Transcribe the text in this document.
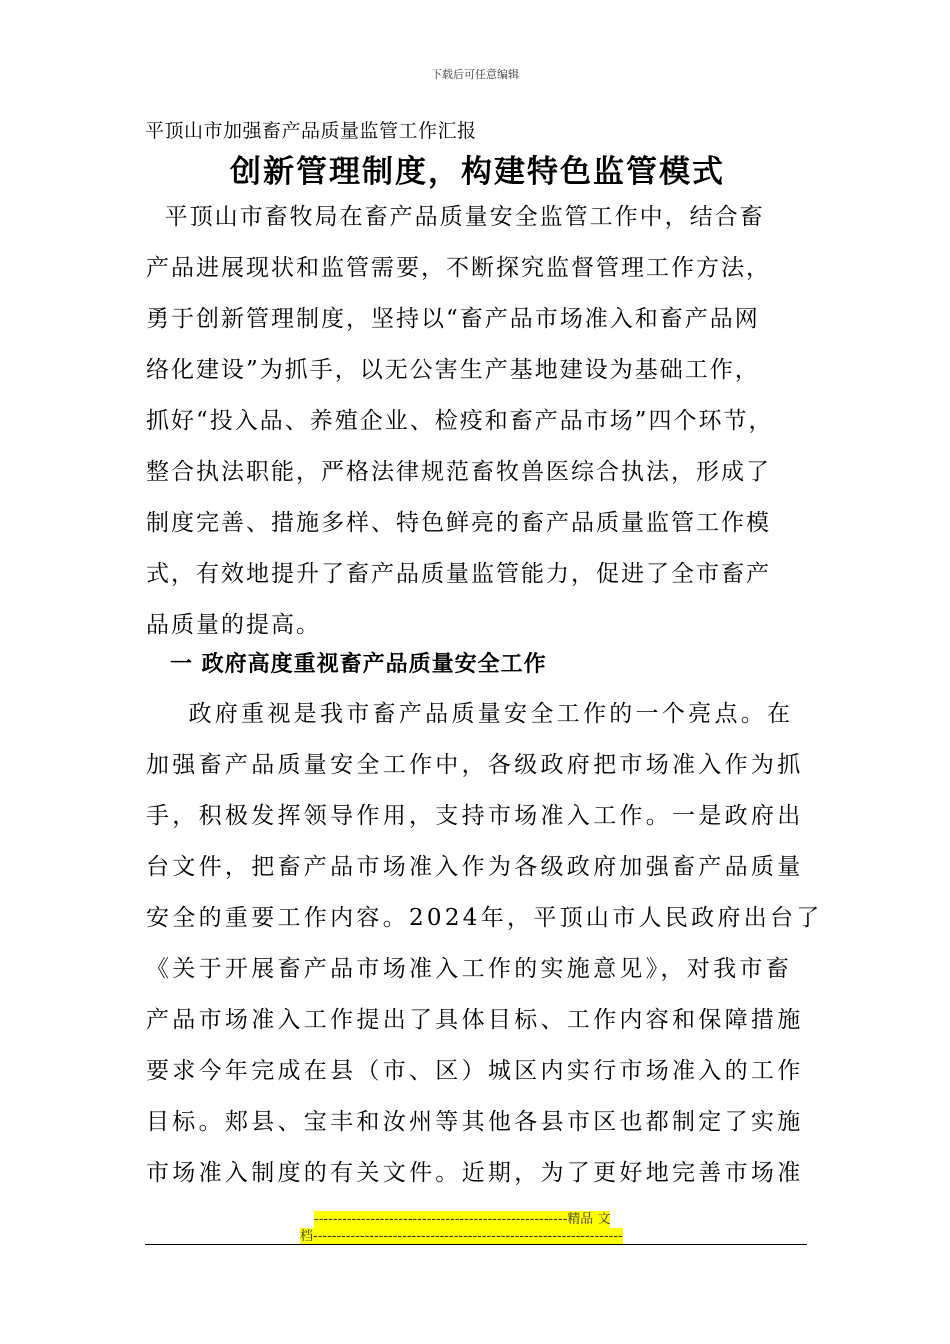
下载后可任意编辑
平顶山市加强畜产品质量监管工作汇报
创新管理制度，构建特色监管模式
平顶山市畜牧局在畜产品质量安全监管工作中，结合畜
产品进展现状和监管需要，不断探究监督管理工作方法，
勇于创新管理制度，坚持以“畜产品市场准入和畜产品网
络化建设”为抓手，以无公害生产基地建设为基础工作，
抓好“投入品、养殖企业、检疫和畜产品市场”四个环节，
整合执法职能，严格法律规范畜牧兽医综合执法，形成了
制度完善、措施多样、特色鲜亮的畜产品质量监管工作模
式，有效地提升了畜产品质量监管能力，促进了全市畜产
品质量的提高。
一 政府高度重视畜产品质量安全工作
政府重视是我市畜产品质量安全工作的一个亮点。在
加强畜产品质量安全工作中，各级政府把市场准入作为抓
手，积极发挥领导作用，支持市场准入工作。一是政府出
台文件，把畜产品市场准入作为各级政府加强畜产品质量
安全的重要工作内容。2024年，平顶山市人民政府出台了
《关于开展畜产品市场准入工作的实施意见》，对我市畜
产品市场准入工作提出了具体目标、工作内容和保障措施
要求今年完成在县（市、区）城区内实行市场准入的工作
目标。郏县、宝丰和汝州等其他各县市区也都制定了实施
市场准入制度的有关文件。近期，为了更好地完善市场准
------------------------------------------------------精品 文
档------------------------------------------------------------------
